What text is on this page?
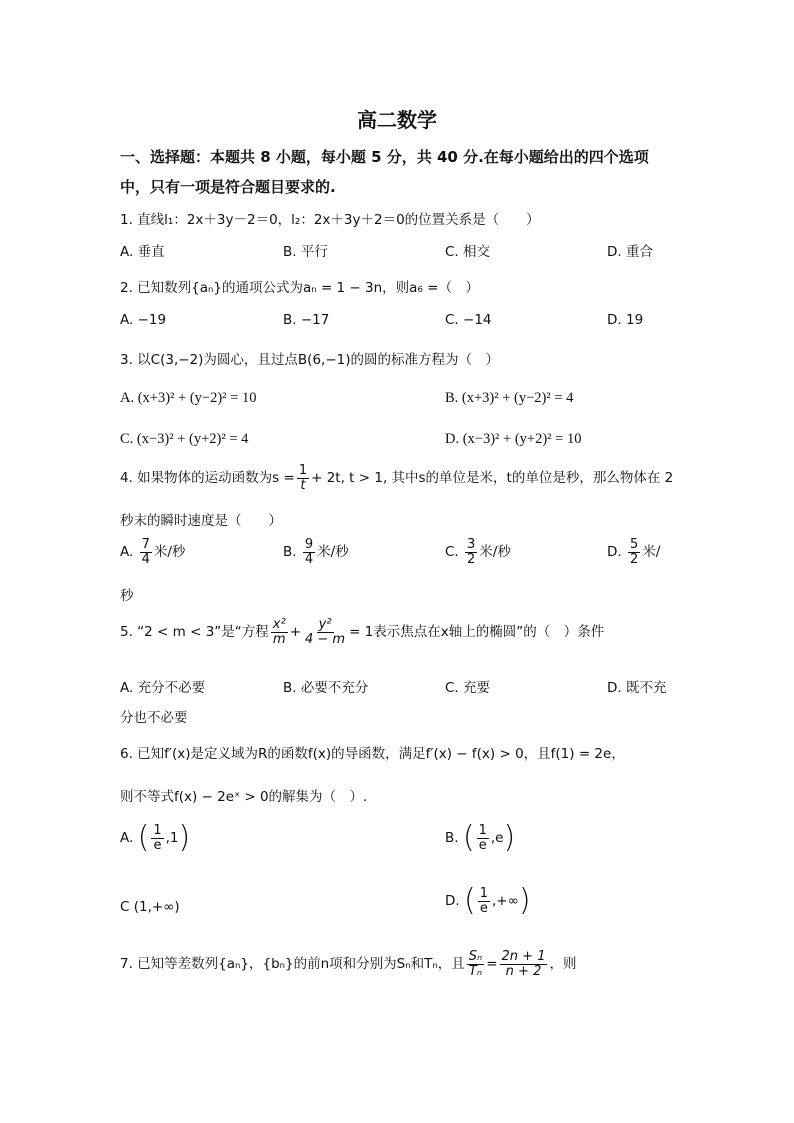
高二数学
一、选择题：本题共 8 小题，每小题 5 分，共 40 分.在每小题给出的四个选项
中，只有一项是符合题目要求的.
1. 直线l₁：2x＋3y－2＝0，l₂：2x＋3y＋2＝0的位置关系是（　　）
A. 垂直	B. 平行	C. 相交	D. 重合
2. 已知数列{aₙ}的通项公式为aₙ = 1 − 3n，则a₆ =（　）
A. −19	B. −17	C. −14	D. 19
3. 以C(3,−2)为圆心，且过点B(6,−1)的圆的标准方程为（　）
A. (x+3)² + (y−2)² = 10	B. (x+3)² + (y−2)² = 4
C. (x−3)² + (y+2)² = 4	D. (x−3)² + (y+2)² = 10
4. 如果物体的运动函数为$s = \frac{1}{t} + 2t$, t > 1, 其中s的单位是米，t的单位是秒，那么物体在 2
秒末的瞬时速度是（　　）
A. $\frac{7}{4}$ 米/秒	B. $\frac{9}{4}$ 米/秒	C. $\frac{3}{2}$ 米/秒	D. $\frac{5}{2}$ 米/
秒
5. “2 < m < 3”是“方程 $\frac{\text{x²}}{m} + \frac{\text{y²}}{4 - m} = 1$表示焦点在x轴上的椭圆”的（　）条件
A. 充分不必要	B. 必要不充分	C. 充要	D. 既不充
分也不必要
6. 已知f′(x)是定义域为R的函数f(x)的导函数，满足f′(x) − f(x) > 0，且f(1) = 2e，
则不等式f(x) − 2eˣ > 0的解集为（　）.
A. ( $\frac{1}{e} ,1$)	B. ( $\frac{1}{e} ,e$)
C (1,+∞)	D. ( $\frac{1}{e}$ ,+∞)
7. 已知等差数列{aₙ}，{bₙ}的前n项和分别为Sₙ和Tₙ，且 $\frac{\text{Sₙ}}{\text{Tₙ}} = \frac{2n + 1}{n + 2}$ ，则
